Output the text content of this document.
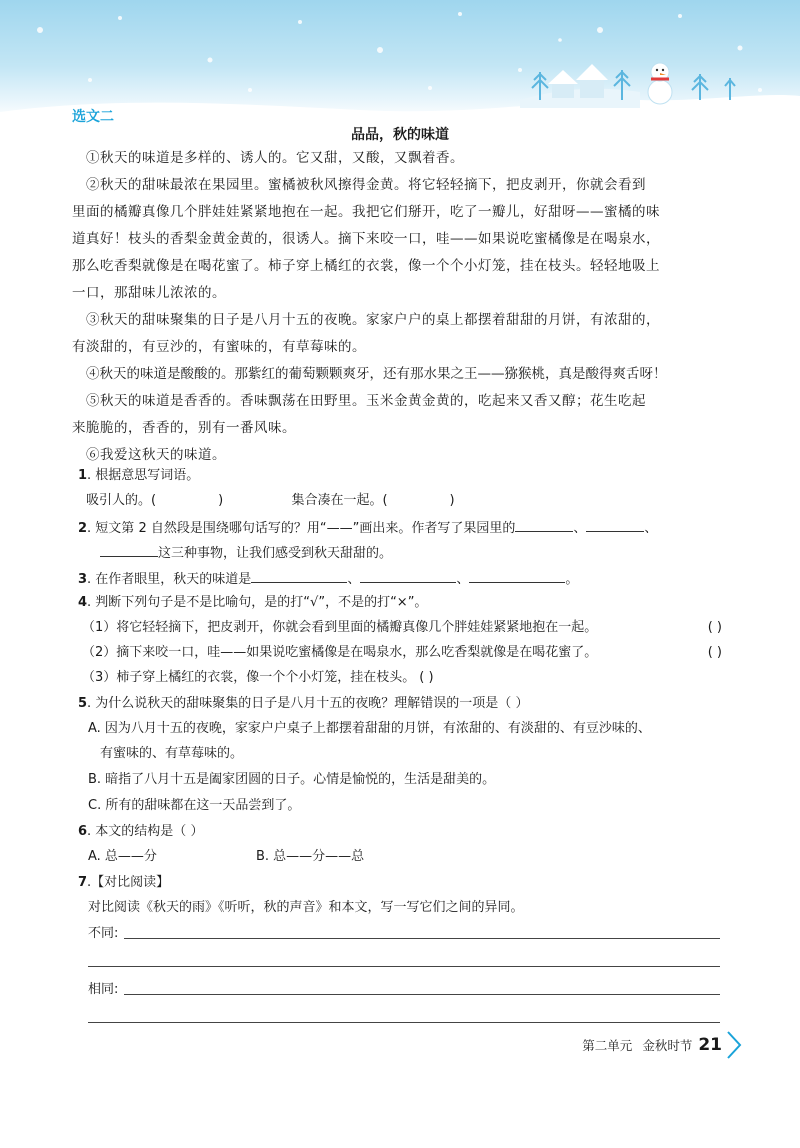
选文二
品品，秋的味道
①秋天的味道是多样的、诱人的。它又甜，又酸，又飘着香。
②秋天的甜味最浓在果园里。蜜橘被秋风擦得金黄。将它轻轻摘下，把皮剥开，你就会看到
里面的橘瓣真像几个胖娃娃紧紧地抱在一起。我把它们掰开，吃了一瓣儿，好甜呀——蜜橘的味
道真好！枝头的香梨金黄金黄的，很诱人。摘下来咬一口，哇——如果说吃蜜橘像是在喝泉水，
那么吃香梨就像是在喝花蜜了。柿子穿上橘红的衣裳，像一个个小灯笼，挂在枝头。轻轻地吸上
一口，那甜味儿浓浓的。
③秋天的甜味聚集的日子是八月十五的夜晚。家家户户的桌上都摆着甜甜的月饼，有浓甜的，
有淡甜的，有豆沙的，有蜜味的，有草莓味的。
④秋天的味道是酸酸的。那紫红的葡萄颗颗爽牙，还有那水果之王——猕猴桃，真是酸得爽舌呀！
⑤秋天的味道是香香的。香味飘荡在田野里。玉米金黄金黄的，吃起来又香又醇；花生吃起
来脆脆的，香香的，别有一番风味。
⑥我爱这秋天的味道。
1. 根据意思写词语。
吸引人的。(	)	集合凑在一起。(	)
2. 短文第 2 自然段是围绕哪句话写的？用“——”画出来。作者写了果园里的	、	、
这三种事物，让我们感受到秋天甜甜的。
3. 在作者眼里，秋天的味道是	、	、	。
4. 判断下列句子是不是比喻句，是的打“√”，不是的打“×”。
（1）将它轻轻摘下，把皮剥开，你就会看到里面的橘瓣真像几个胖娃娃紧紧地抱在一起。	( )
（2）摘下来咬一口，哇——如果说吃蜜橘像是在喝泉水，那么吃香梨就像是在喝花蜜了。	( )
（3）柿子穿上橘红的衣裳，像一个个小灯笼，挂在枝头。 ( )
5. 为什么说秋天的甜味聚集的日子是八月十五的夜晚？理解错误的一项是（ ）
A. 因为八月十五的夜晚，家家户户桌子上都摆着甜甜的月饼，有浓甜的、有淡甜的、有豆沙味的、
有蜜味的、有草莓味的。
B. 暗指了八月十五是阖家团圆的日子。心情是愉悦的，生活是甜美的。
C. 所有的甜味都在这一天品尝到了。
6. 本文的结构是（ ）
A. 总——分	B. 总——分——总
7.【对比阅读】
对比阅读《秋天的雨》《听听，秋的声音》和本文，写一写它们之间的异同。
不同:
相同:
第二单元 金秋时节 21
